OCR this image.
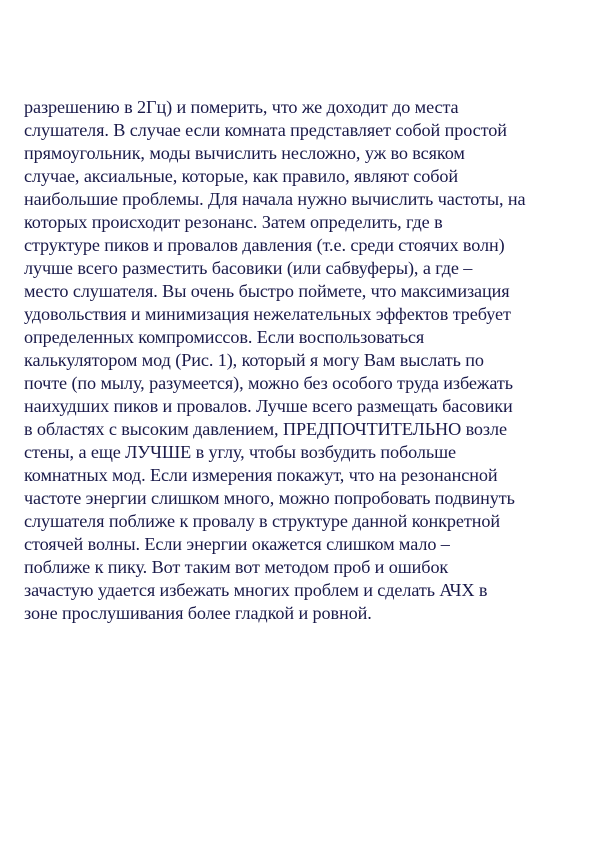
разрешению в 2Гц) и померить, что же доходит до места
слушателя. В случае если комната представляет собой простой
прямоугольник, моды вычислить несложно, уж во всяком
случае, аксиальные, которые, как правило, являют собой
наибольшие проблемы. Для начала нужно вычислить частоты, на
которых происходит резонанс. Затем определить, где в
структуре пиков и провалов давления (т.е. среди стоячих волн)
лучше всего разместить басовики (или сабвуферы), а где –
место слушателя. Вы очень быстро поймете, что максимизация
удовольствия и минимизация нежелательных эффектов требует
определенных компромиссов. Если воспользоваться
калькулятором мод (Рис. 1), который я могу Вам выслать по
почте (по мылу, разумеется), можно без особого труда избежать
наихудших пиков и провалов. Лучше всего размещать басовики
в областях с высоким давлением, ПРЕДПОЧТИТЕЛЬНО возле
стены, а еще ЛУЧШЕ в углу, чтобы возбудить побольше
комнатных мод. Если измерения покажут, что на резонансной
частоте энергии слишком много, можно попробовать подвинуть
слушателя поближе к провалу в структуре данной конкретной
стоячей волны. Если энергии окажется слишком мало –
поближе к пику. Вот таким вот методом проб и ошибок
зачастую удается избежать многих проблем и сделать АЧХ в
зоне прослушивания более гладкой и ровной.
